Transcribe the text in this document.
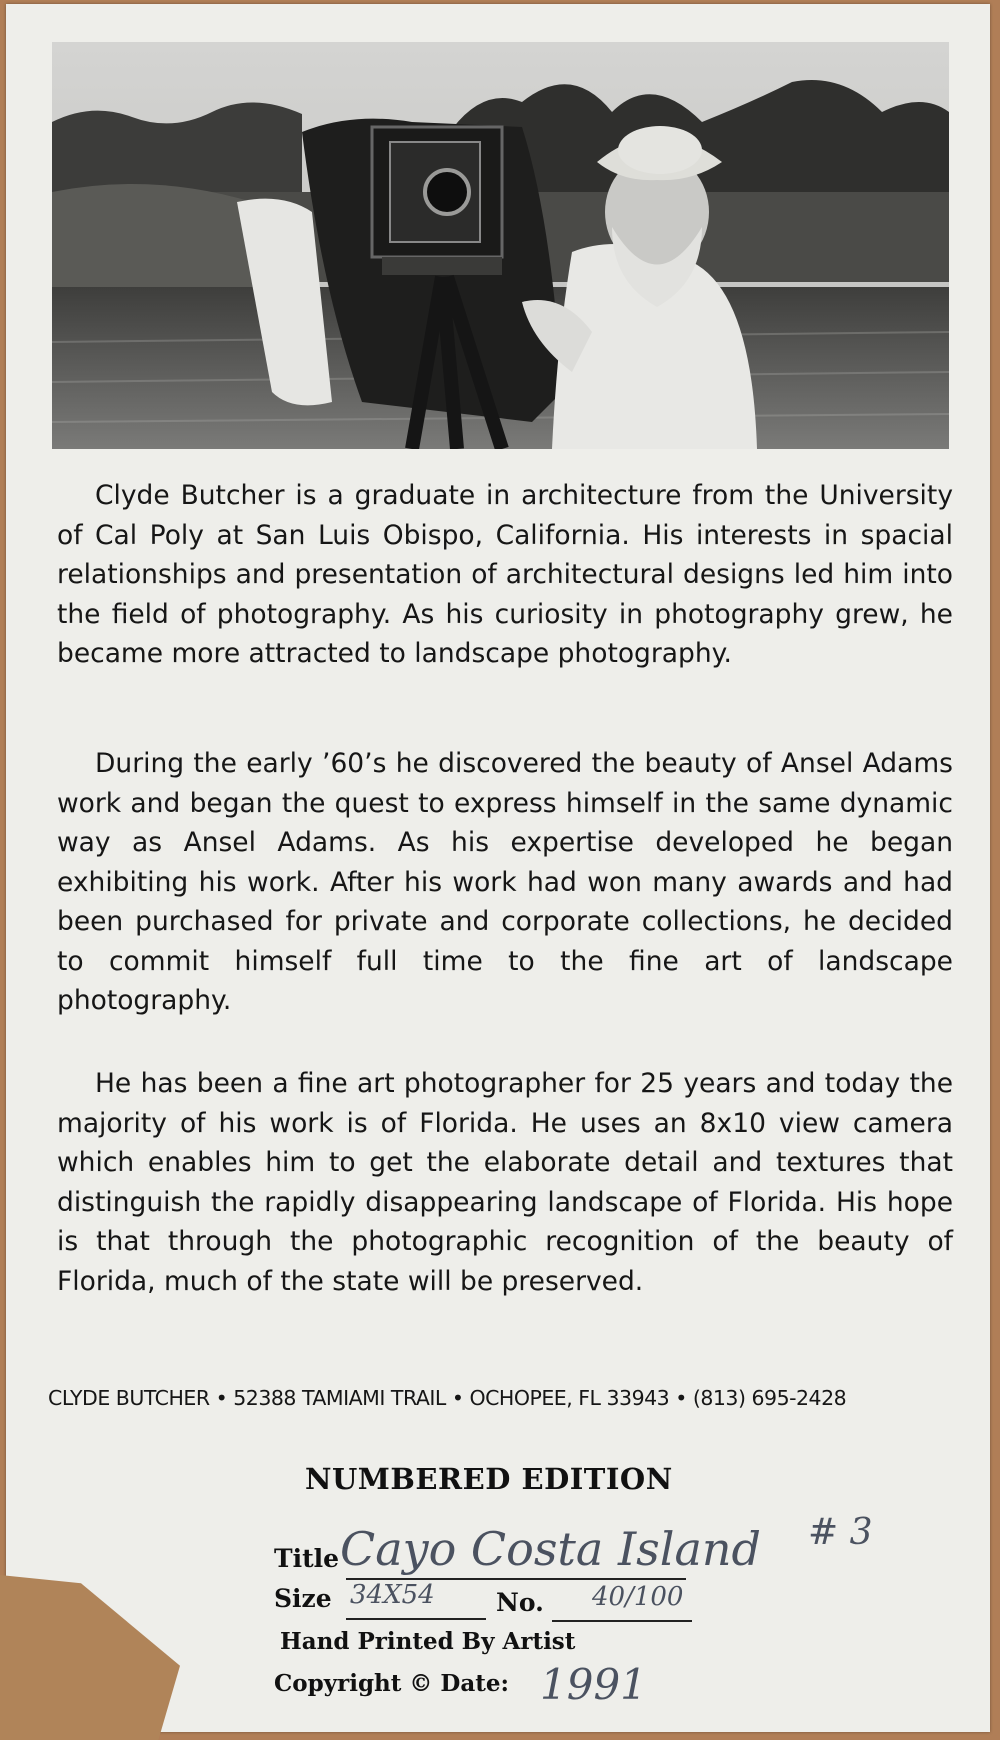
Clyde Butcher is a graduate in architecture from the University of Cal Poly at San Luis Obispo, California. His interests in spacial relationships and presentation of architectural designs led him into the field of photography. As his curiosity in photography grew, he became more attracted to landscape photography.

During the early ’60’s he discovered the beauty of Ansel Adams work and began the quest to express himself in the same dynamic way as Ansel Adams. As his expertise developed he began exhibiting his work. After his work had won many awards and had been purchased for private and corporate collections, he decided to commit himself full time to the fine art of landscape photography.

He has been a fine art photographer for 25 years and today the majority of his work is of Florida. He uses an 8x10 view camera which enables him to get the elaborate detail and textures that distinguish the rapidly disappearing landscape of Florida. His hope is that through the photographic recognition of the beauty of Florida, much of the state will be preserved.

CLYDE BUTCHER • 52388 TAMIAMI TRAIL • OCHOPEE, FL 33943 • (813) 695-2428
NUMBERED EDITION
Title Cayo Costa Island # 3
Size 34X54 No. 40/100
Hand Printed By Artist
Copyright © Date: 1991
